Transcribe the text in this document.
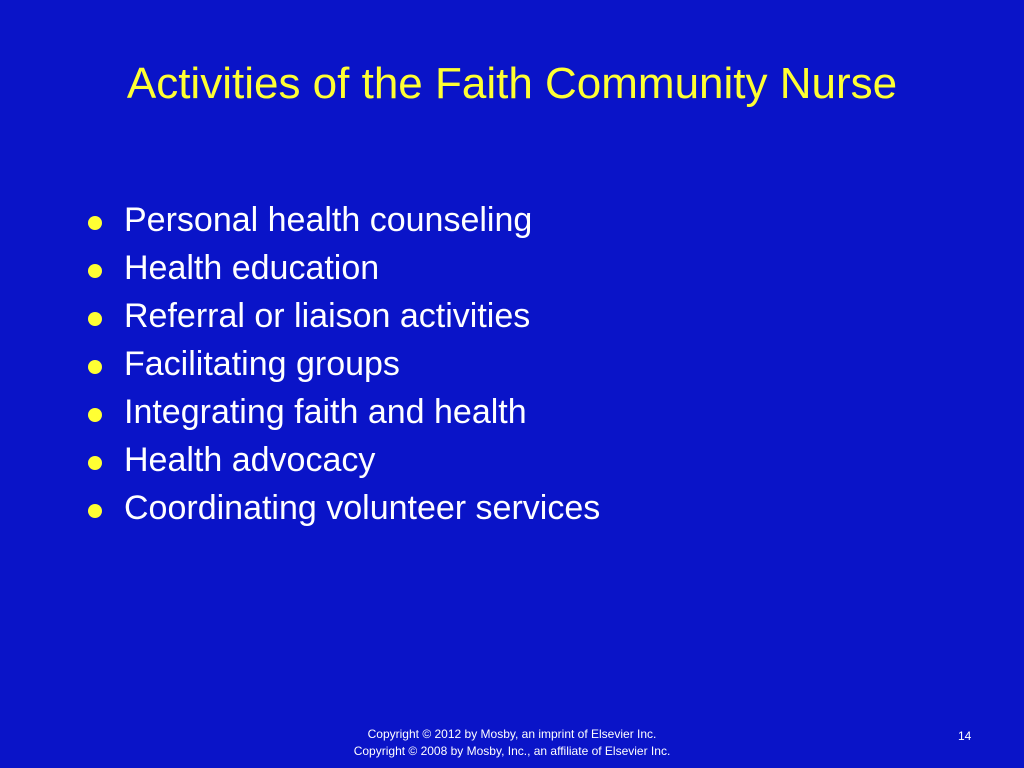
Activities of the Faith Community Nurse
Personal health counseling
Health education
Referral or liaison activities
Facilitating groups
Integrating faith and health
Health advocacy
Coordinating volunteer services
Copyright © 2012 by Mosby, an imprint of Elsevier Inc.
Copyright © 2008 by Mosby, Inc., an affiliate of Elsevier Inc.
14
